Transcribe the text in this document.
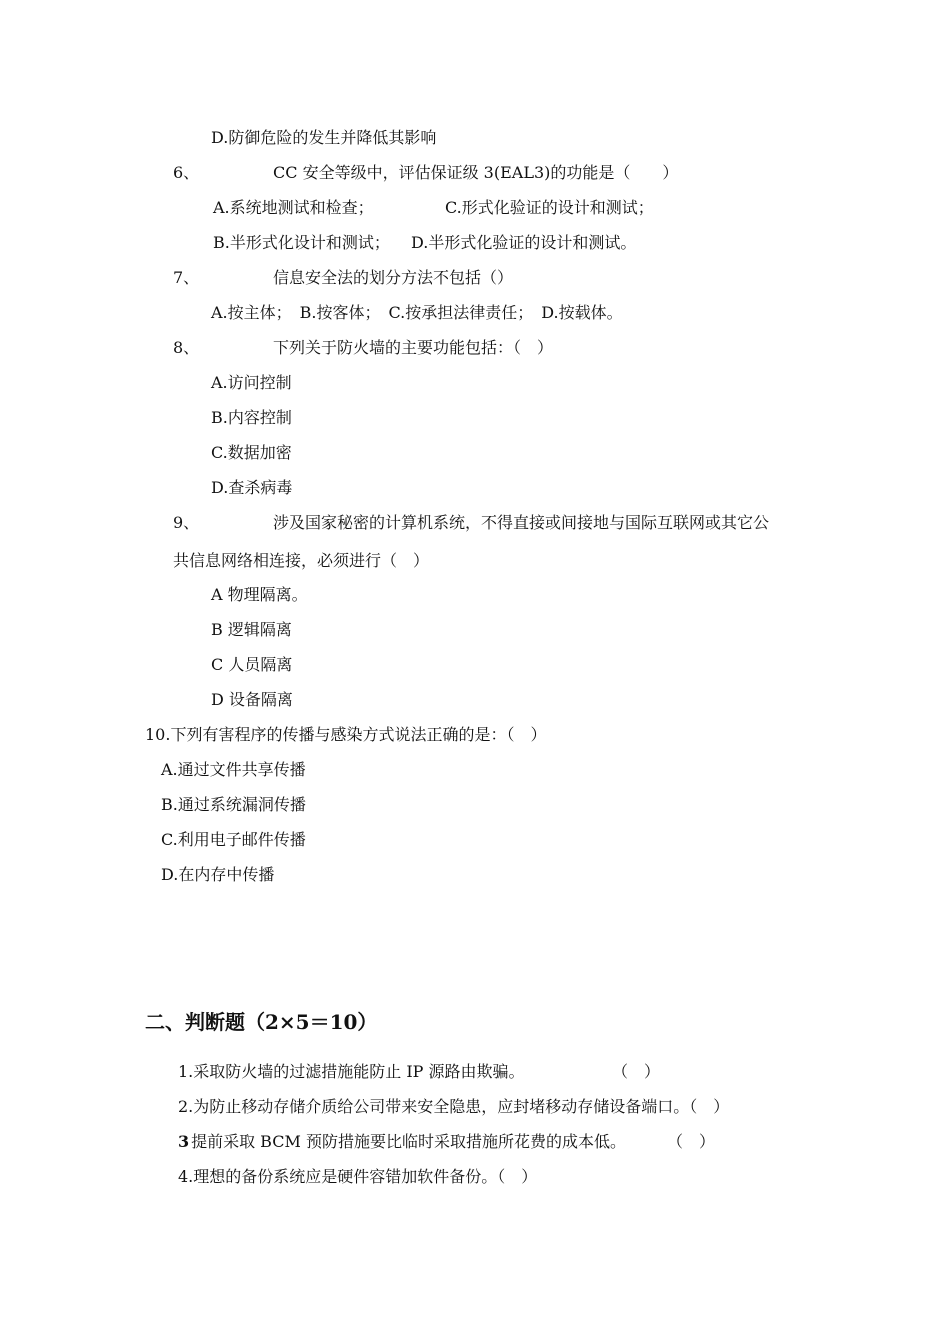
D.防御危险的发生并降低其影响
6、	CC 安全等级中，评估保证级 3(EAL3)的功能是（　　）
A.系统地测试和检查；	C.形式化验证的设计和测试；
B.半形式化设计和测试； D.半形式化验证的设计和测试。
7、	信息安全法的划分方法不包括（）
A.按主体；　B.按客体；　C.按承担法律责任；　D.按载体。
8、	下列关于防火墙的主要功能包括：（　）
A.访问控制
B.内容控制
C.数据加密
D.查杀病毒
9、	涉及国家秘密的计算机系统，不得直接或间接地与国际互联网或其它公
共信息网络相连接，必须进行（　）
A 物理隔离。
B 逻辑隔离
C 人员隔离
D 设备隔离
10.下列有害程序的传播与感染方式说法正确的是：（　）
A.通过文件共享传播
B.通过系统漏洞传播
C.利用电子邮件传播
D.在内存中传播
二、判断题（2×5＝10）
1.采取防火墙的过滤措施能防止 IP 源路由欺骗。	（　）
2.为防止移动存储介质给公司带来安全隐患，应封堵移动存储设备端口。（　）
3
提前采取 BCM 预防措施要比临时采取措施所花费的成本低。	（　）
4.理想的备份系统应是硬件容错加软件备份。（　）
